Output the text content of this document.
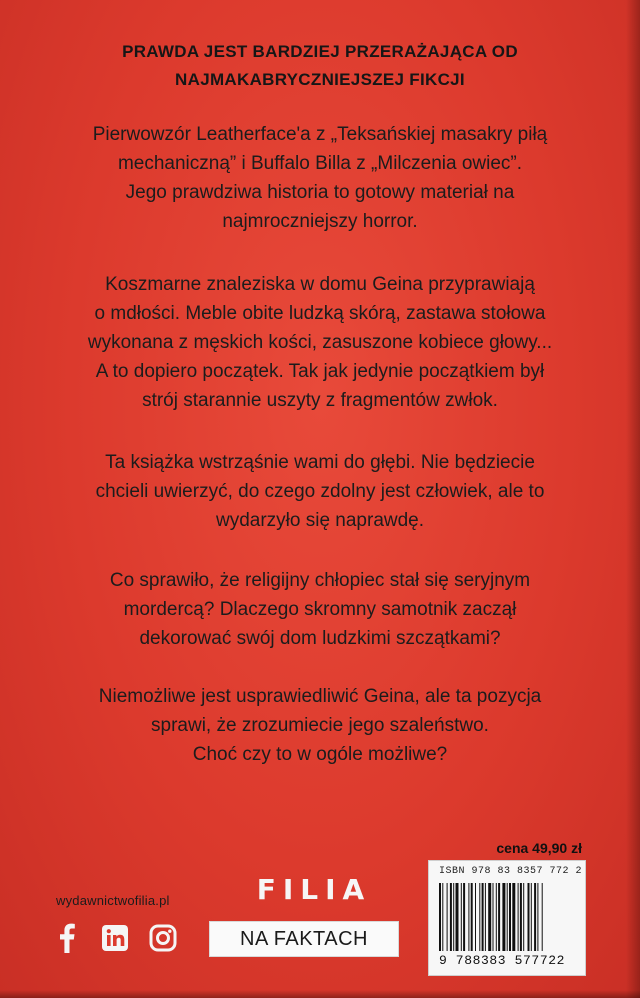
PRAWDA JEST BARDZIEJ PRZERAŻAJĄCA OD
NAJMAKABRYCZNIEJSZEJ FIKCJI
Pierwowzór Leatherface'a z „Teksańskiej masakry piłą
mechaniczną” i Buffalo Billa z „Milczenia owiec”.
Jego prawdziwa historia to gotowy materiał na
najmroczniejszy horror.
Koszmarne znaleziska w domu Geina przyprawiają
o mdłości. Meble obite ludzką skórą, zastawa stołowa
wykonana z męskich kości, zasuszone kobiece głowy...
A to dopiero początek. Tak jak jedynie początkiem był
strój starannie uszyty z fragmentów zwłok.
Ta książka wstrząśnie wami do głębi. Nie będziecie
chcieli uwierzyć, do czego zdolny jest człowiek, ale to
wydarzyło się naprawdę.
Co sprawiło, że religijny chłopiec stał się seryjnym
mordercą? Dlaczego skromny samotnik zaczął
dekorować swój dom ludzkimi szczątkami?
Niemożliwe jest usprawiedliwić Geina, ale ta pozycja
sprawi, że zrozumiecie jego szaleństwo.
Choć czy to w ogóle możliwe?
cena 49,90 zł
wydawnictwofilia.pl	FILIA
NA FAKTACH
ISBN 978 83 8357 772 2
9 788383 577722
